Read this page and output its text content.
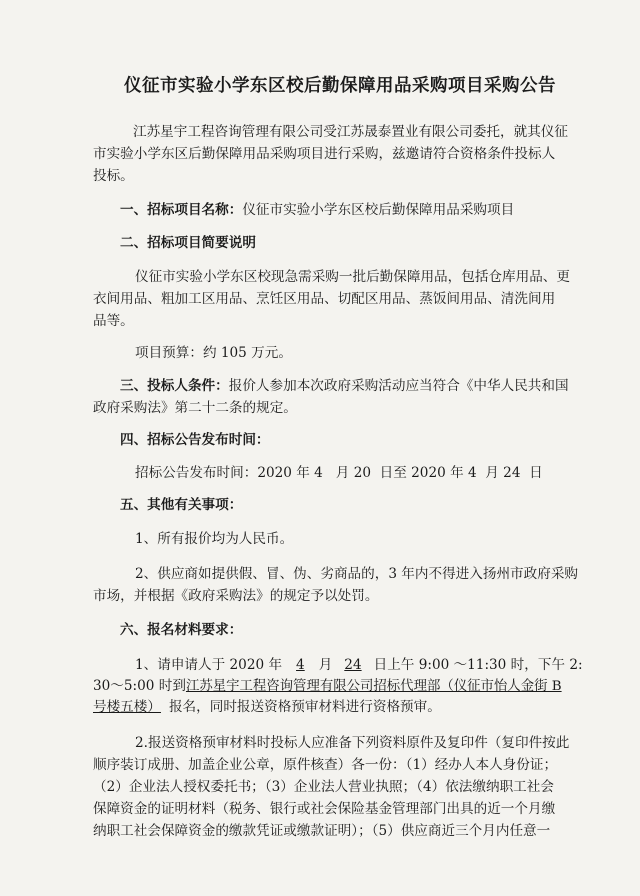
仪征市实验小学东区校后勤保障用品采购项目采购公告
江苏星宇工程咨询管理有限公司受江苏晟泰置业有限公司委托，就其仪征
市实验小学东区后勤保障用品采购项目进行采购，兹邀请符合资格条件投标人
投标。
一、招标项目名称：仪征市实验小学东区校后勤保障用品采购项目
二、招标项目简要说明
仪征市实验小学东区校现急需采购一批后勤保障用品，包括仓库用品、更
衣间用品、粗加工区用品、烹饪区用品、切配区用品、蒸饭间用品、清洗间用
品等。
项目预算：约 105 万元。
三、投标人条件：报价人参加本次政府采购活动应当符合《中华人民共和国
政府采购法》第二十二条的规定。
四、招标公告发布时间：
招标公告发布时间：2020 年 4   月 20  日至 2020 年 4  月 24  日
五、其他有关事项：
1、所有报价均为人民币。
2、供应商如提供假、冒、伪、劣商品的，3 年内不得进入扬州市政府采购
市场，并根据《政府采购法》的规定予以处罚。
六、报名材料要求：
1、请申请人于 2020 年 4 月 24 日上午 9:00 ～11:30 时，下午 2:
30～5:00 时到江苏星宇工程咨询管理有限公司招标代理部（仪征市怡人金街 B
号楼五楼） 报名，同时报送资格预审材料进行资格预审。
2.报送资格预审材料时投标人应准备下列资料原件及复印件（复印件按此
顺序装订成册、加盖企业公章，原件核查）各一份：（1）经办人本人身份证；
（2）企业法人授权委托书；（3）企业法人营业执照；（4）依法缴纳职工社会
保障资金的证明材料（税务、银行或社会保险基金管理部门出具的近一个月缴
纳职工社会保障资金的缴款凭证或缴款证明）；（5）供应商近三个月内任意一
